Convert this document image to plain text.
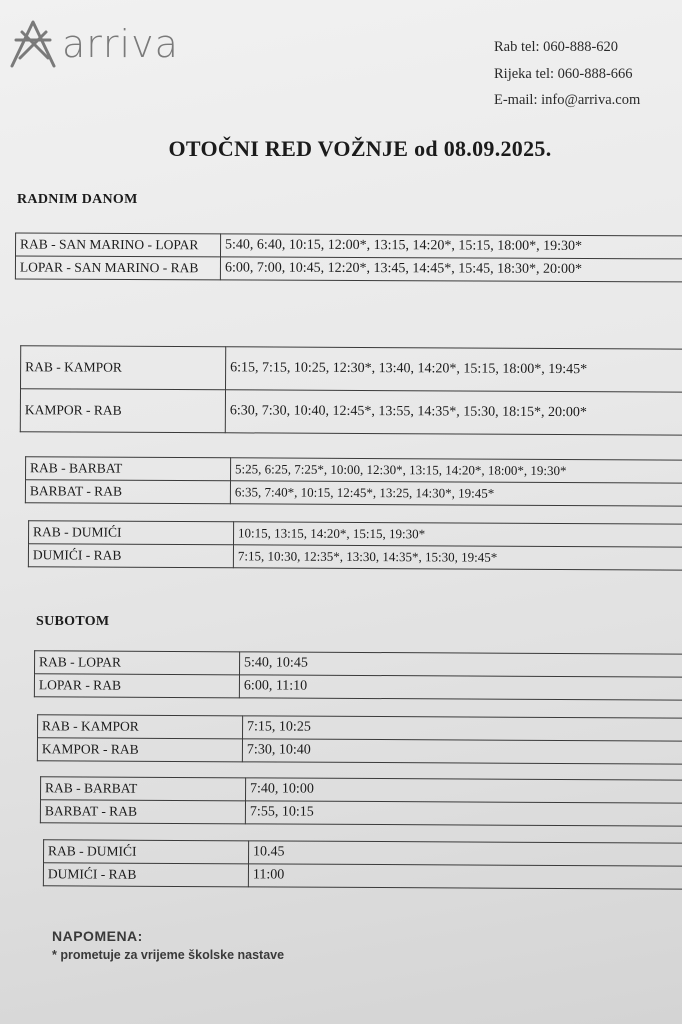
arriva	Rab tel: 060-888-620
Rijeka tel: 060-888-666
E-mail: info@arriva.com
OTOČNI RED VOŽNJE od 08.09.2025.
RADNIM DANOM
RAB - SAN MARINO - LOPAR	5:40, 6:40, 10:15, 12:00*, 13:15, 14:20*, 15:15, 18:00*, 19:30*
LOPAR - SAN MARINO - RAB	6:00, 7:00, 10:45, 12:20*, 13:45, 14:45*, 15:45, 18:30*, 20:00*
RAB - KAMPOR	6:15, 7:15, 10:25, 12:30*, 13:40, 14:20*, 15:15, 18:00*, 19:45*
KAMPOR - RAB	6:30, 7:30, 10:40, 12:45*, 13:55, 14:35*, 15:30, 18:15*, 20:00*
RAB - BARBAT	5:25, 6:25, 7:25*, 10:00, 12:30*, 13:15, 14:20*, 18:00*, 19:30*
BARBAT - RAB	6:35, 7:40*, 10:15, 12:45*, 13:25, 14:30*, 19:45*
RAB - DUMIĆI	10:15, 13:15, 14:20*, 15:15, 19:30*
DUMIĆI - RAB	7:15, 10:30, 12:35*, 13:30, 14:35*, 15:30, 19:45*
SUBOTOM
RAB - LOPAR	5:40, 10:45
LOPAR - RAB	6:00, 11:10
RAB - KAMPOR	7:15, 10:25
KAMPOR - RAB	7:30, 10:40
RAB - BARBAT	7:40, 10:00
BARBAT - RAB	7:55, 10:15
RAB - DUMIĆI	10.45
DUMIĆI - RAB	11:00
NAPOMENA:
* prometuje za vrijeme školske nastave
